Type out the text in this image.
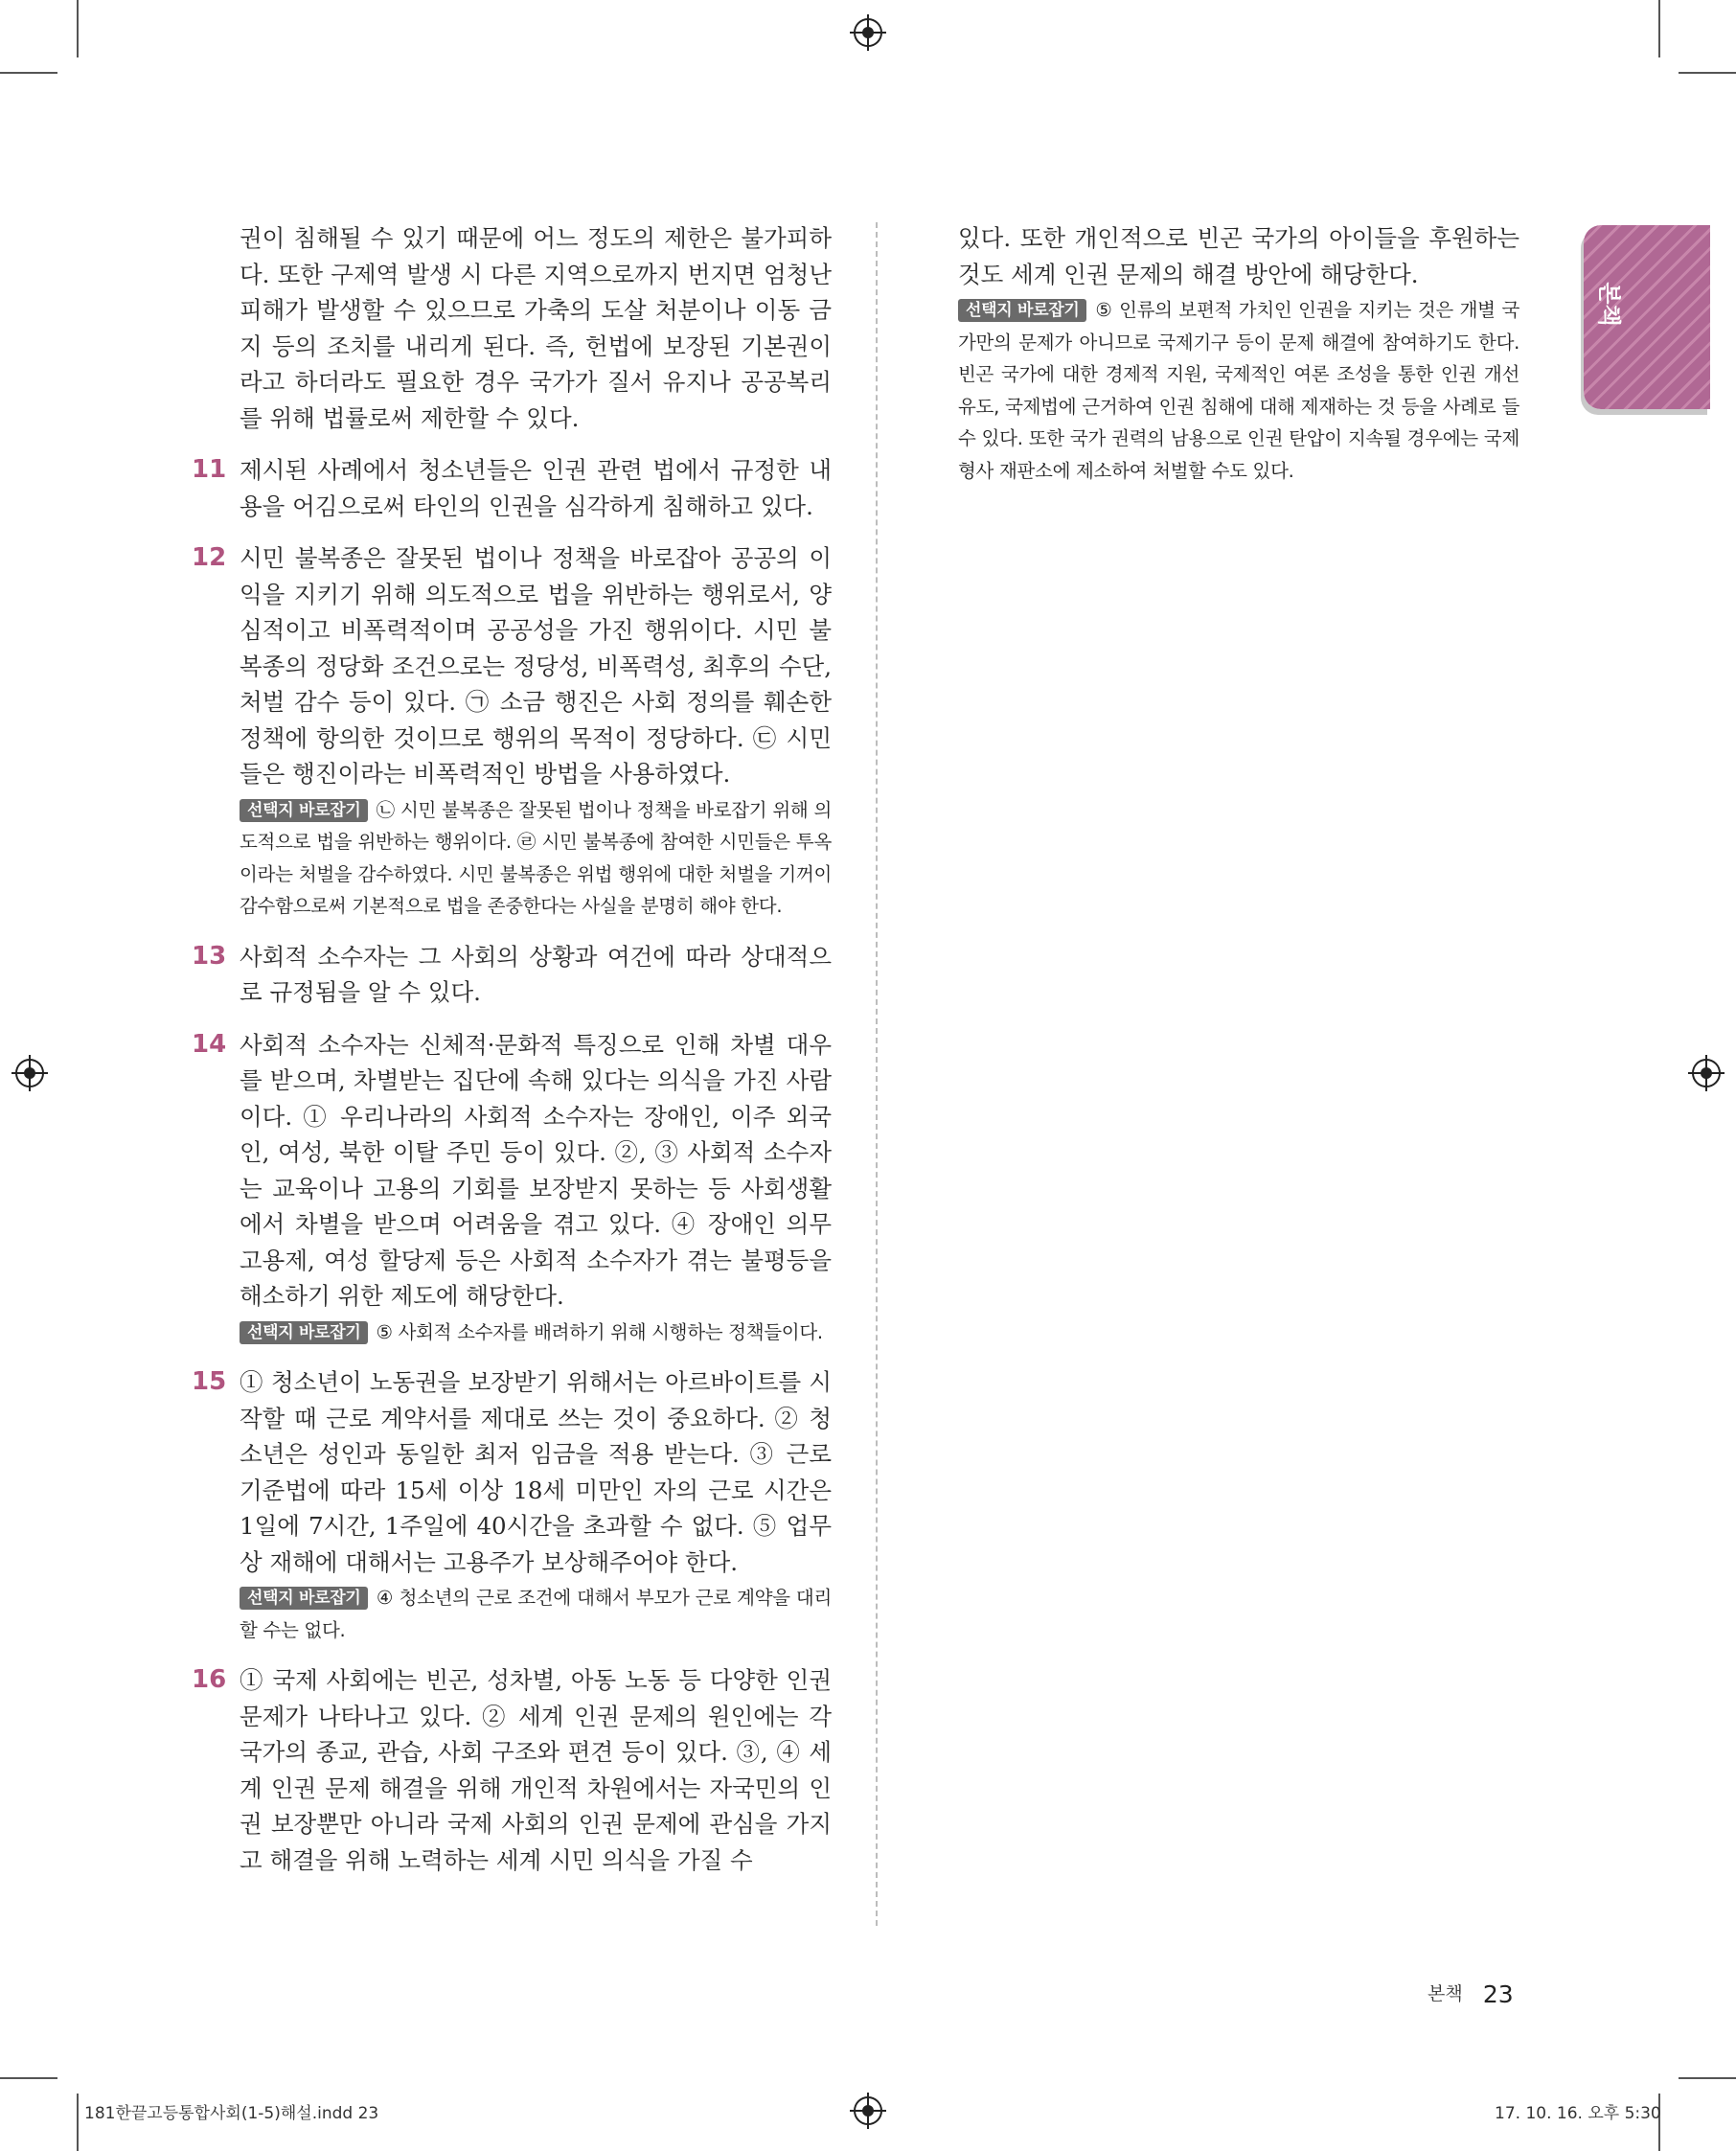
본책

권이 침해될 수 있기 때문에 어느 정도의 제한은 불가피하다. 또한 구제역 발생 시 다른 지역으로까지 번지면 엄청난 피해가 발생할 수 있으므로 가축의 도살 처분이나 이동 금지 등의 조치를 내리게 된다. 즉, 헌법에 보장된 기본권이라고 하더라도 필요한 경우 국가가 질서 유지나 공공복리를 위해 법률로써 제한할 수 있다.

11 제시된 사례에서 청소년들은 인권 관련 법에서 규정한 내용을 어김으로써 타인의 인권을 심각하게 침해하고 있다.
12 시민 불복종은 잘못된 법이나 정책을 바로잡아 공공의 이익을 지키기 위해 의도적으로 법을 위반하는 행위로서, 양심적이고 비폭력적이며 공공성을 가진 행위이다. 시민 불복종의 정당화 조건으로는 정당성, 비폭력성, 최후의 수단, 처벌 감수 등이 있다. ㉠ 소금 행진은 사회 정의를 훼손한 정책에 항의한 것이므로 행위의 목적이 정당하다. ㉢ 시민들은 행진이라는 비폭력적인 방법을 사용하였다.
선택지 바로잡기 ㉡ 시민 불복종은 잘못된 법이나 정책을 바로잡기 위해 의도적으로 법을 위반하는 행위이다. ㉣ 시민 불복종에 참여한 시민들은 투옥이라는 처벌을 감수하였다. 시민 불복종은 위법 행위에 대한 처벌을 기꺼이 감수함으로써 기본적으로 법을 존중한다는 사실을 분명히 해야 한다.
13 사회적 소수자는 그 사회의 상황과 여건에 따라 상대적으로 규정됨을 알 수 있다.
14 사회적 소수자는 신체적·문화적 특징으로 인해 차별 대우를 받으며, 차별받는 집단에 속해 있다는 의식을 가진 사람이다. ① 우리나라의 사회적 소수자는 장애인, 이주 외국인, 여성, 북한 이탈 주민 등이 있다. ②, ③ 사회적 소수자는 교육이나 고용의 기회를 보장받지 못하는 등 사회생활에서 차별을 받으며 어려움을 겪고 있다. ④ 장애인 의무 고용제, 여성 할당제 등은 사회적 소수자가 겪는 불평등을 해소하기 위한 제도에 해당한다.
선택지 바로잡기 ⑤ 사회적 소수자를 배려하기 위해 시행하는 정책들이다.
15 ① 청소년이 노동권을 보장받기 위해서는 아르바이트를 시작할 때 근로 계약서를 제대로 쓰는 것이 중요하다. ② 청소년은 성인과 동일한 최저 임금을 적용 받는다. ③ 근로 기준법에 따라 15세 이상 18세 미만인 자의 근로 시간은 1일에 7시간, 1주일에 40시간을 초과할 수 없다. ⑤ 업무상 재해에 대해서는 고용주가 보상해주어야 한다.
선택지 바로잡기 ④ 청소년의 근로 조건에 대해서 부모가 근로 계약을 대리할 수는 없다.
16 ① 국제 사회에는 빈곤, 성차별, 아동 노동 등 다양한 인권 문제가 나타나고 있다. ② 세계 인권 문제의 원인에는 각 국가의 종교, 관습, 사회 구조와 편견 등이 있다. ③, ④ 세계 인권 문제 해결을 위해 개인적 차원에서는 자국민의 인권 보장뿐만 아니라 국제 사회의 인권 문제에 관심을 가지고 해결을 위해 노력하는 세계 시민 의식을 가질 수

있다. 또한 개인적으로 빈곤 국가의 아이들을 후원하는 것도 세계 인권 문제의 해결 방안에 해당한다.

선택지 바로잡기 ⑤ 인류의 보편적 가치인 인권을 지키는 것은 개별 국가만의 문제가 아니므로 국제기구 등이 문제 해결에 참여하기도 한다. 빈곤 국가에 대한 경제적 지원, 국제적인 여론 조성을 통한 인권 개선 유도, 국제법에 근거하여 인권 침해에 대해 제재하는 것 등을 사례로 들 수 있다. 또한 국가 권력의 남용으로 인권 탄압이 지속될 경우에는 국제 형사 재판소에 제소하여 처벌할 수도 있다.
본책 23
181한끝고등통합사회(1-5)해설.indd 23	17. 10. 16. 오후 5:30
